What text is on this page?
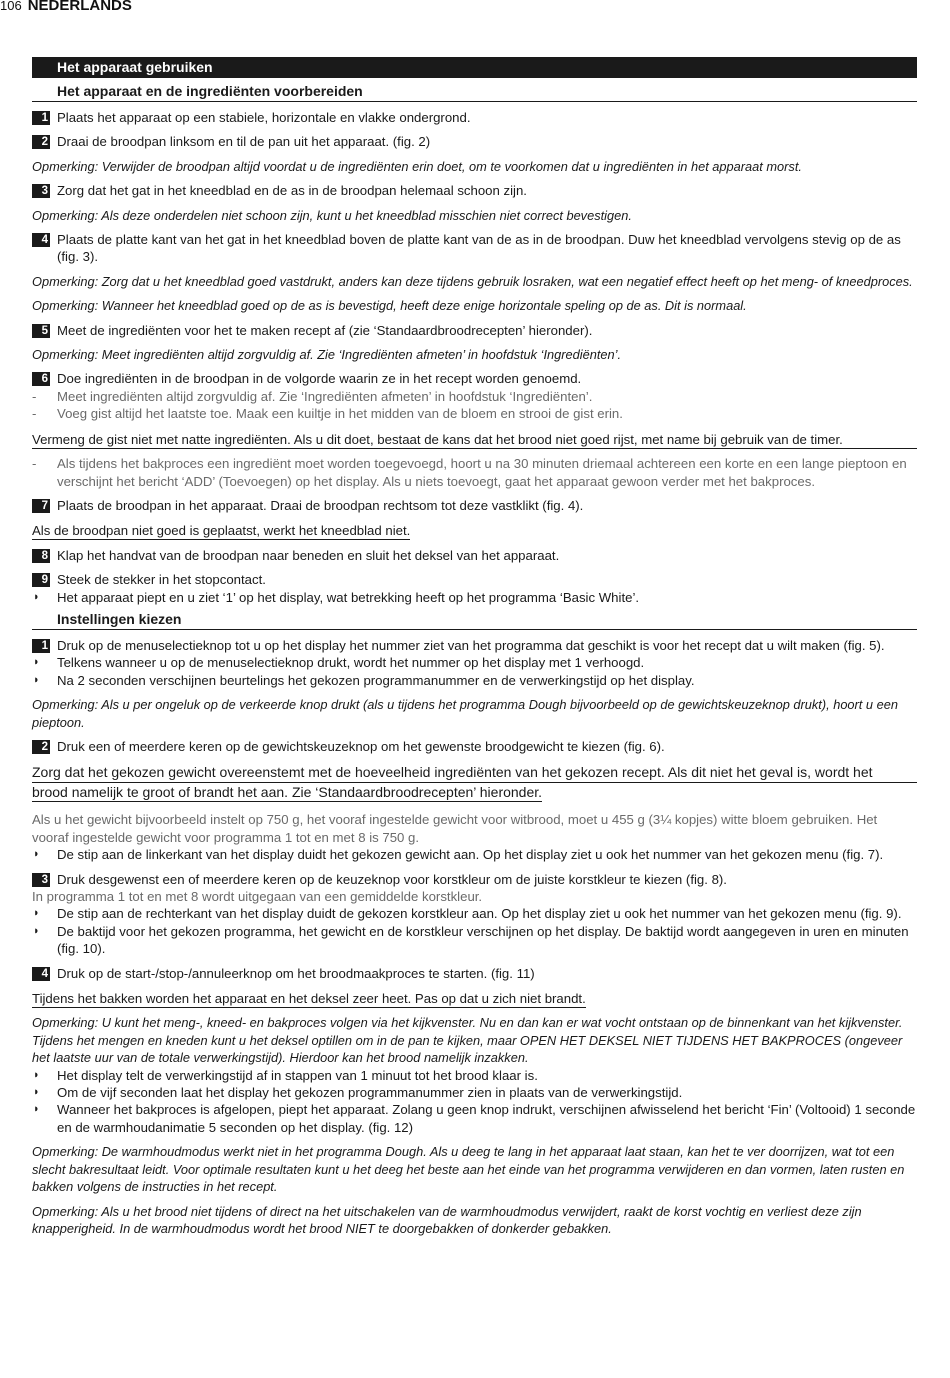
106 NEDERLANDS
Het apparaat gebruiken
Het apparaat en de ingrediënten voorbereiden
1 Plaats het apparaat op een stabiele, horizontale en vlakke ondergrond.
2 Draai de broodpan linksom en til de pan uit het apparaat. (fig. 2)
Opmerking: Verwijder de broodpan altijd voordat u de ingrediënten erin doet, om te voorkomen dat u ingrediënten in het apparaat morst.
3 Zorg dat het gat in het kneedblad en de as in de broodpan helemaal schoon zijn.
Opmerking: Als deze onderdelen niet schoon zijn, kunt u het kneedblad misschien niet correct bevestigen.
4 Plaats de platte kant van het gat in het kneedblad boven de platte kant van de as in de broodpan. Duw het kneedblad vervolgens stevig op de as (fig. 3).
Opmerking: Zorg dat u het kneedblad goed vastdrukt, anders kan deze tijdens gebruik losraken, wat een negatief effect heeft op het meng- of kneedproces.
Opmerking: Wanneer het kneedblad goed op de as is bevestigd, heeft deze enige horizontale speling op de as. Dit is normaal.
5 Meet de ingrediënten voor het te maken recept af (zie ‘Standaardbroodrecepten’ hieronder).
Opmerking: Meet ingrediënten altijd zorgvuldig af. Zie ‘Ingrediënten afmeten’ in hoofdstuk ‘Ingrediënten’.
6 Doe ingrediënten in de broodpan in de volgorde waarin ze in het recept worden genoemd.
- Meet ingrediënten altijd zorgvuldig af. Zie ‘Ingrediënten afmeten’ in hoofdstuk ‘Ingrediënten’.
- Voeg gist altijd het laatste toe. Maak een kuiltje in het midden van de bloem en strooi de gist erin.
Vermeng de gist niet met natte ingrediënten. Als u dit doet, bestaat de kans dat het brood niet goed rijst, met name bij gebruik van de timer.
- Als tijdens het bakproces een ingrediënt moet worden toegevoegd, hoort u na 30 minuten driemaal achtereen een korte en een lange pieptoon en verschijnt het bericht ‘ADD’ (Toevoegen) op het display. Als u niets toevoegt, gaat het apparaat gewoon verder met het bakproces.
7 Plaats de broodpan in het apparaat. Draai de broodpan rechtsom tot deze vastklikt (fig. 4).
Als de broodpan niet goed is geplaatst, werkt het kneedblad niet.
8 Klap het handvat van de broodpan naar beneden en sluit het deksel van het apparaat.
9 Steek de stekker in het stopcontact.
◗ Het apparaat piept en u ziet ‘1’ op het display, wat betrekking heeft op het programma ‘Basic White’.
Instellingen kiezen
1 Druk op de menuselectieknop tot u op het display het nummer ziet van het programma dat geschikt is voor het recept dat u wilt maken (fig. 5).
◗ Telkens wanneer u op de menuselectieknop drukt, wordt het nummer op het display met 1 verhoogd.
◗ Na 2 seconden verschijnen beurtelings het gekozen programmanummer en de verwerkingstijd op het display.
Opmerking: Als u per ongeluk op de verkeerde knop drukt (als u tijdens het programma Dough bijvoorbeeld op de gewichtskeuzeknop drukt), hoort u een pieptoon.
2 Druk een of meerdere keren op de gewichtskeuzeknop om het gewenste broodgewicht te kiezen (fig. 6).
Zorg dat het gekozen gewicht overeenstemt met de hoeveelheid ingrediënten van het gekozen recept. Als dit niet het geval is, wordt het
brood namelijk te groot of brandt het aan. Zie ‘Standaardbroodrecepten’ hieronder.
Als u het gewicht bijvoorbeeld instelt op 750 g, het vooraf ingestelde gewicht voor witbrood, moet u 455 g (3¼ kopjes) witte bloem gebruiken. Het vooraf ingestelde gewicht voor programma 1 tot en met 8 is 750 g.
◗ De stip aan de linkerkant van het display duidt het gekozen gewicht aan. Op het display ziet u ook het nummer van het gekozen menu (fig. 7).
3 Druk desgewenst een of meerdere keren op de keuzeknop voor korstkleur om de juiste korstkleur te kiezen (fig. 8).
In programma 1 tot en met 8 wordt uitgegaan van een gemiddelde korstkleur.
◗ De stip aan de rechterkant van het display duidt de gekozen korstkleur aan. Op het display ziet u ook het nummer van het gekozen menu (fig. 9).
◗ De baktijd voor het gekozen programma, het gewicht en de korstkleur verschijnen op het display. De baktijd wordt aangegeven in uren en minuten (fig. 10).
4 Druk op de start-/stop-/annuleerknop om het broodmaakproces te starten. (fig. 11)
Tijdens het bakken worden het apparaat en het deksel zeer heet. Pas op dat u zich niet brandt.
Opmerking: U kunt het meng-, kneed- en bakproces volgen via het kijkvenster. Nu en dan kan er wat vocht ontstaan op de binnenkant van het kijkvenster. Tijdens het mengen en kneden kunt u het deksel optillen om in de pan te kijken, maar OPEN HET DEKSEL NIET TIJDENS HET BAKPROCES (ongeveer het laatste uur van de totale verwerkingstijd). Hierdoor kan het brood namelijk inzakken.
◗ Het display telt de verwerkingstijd af in stappen van 1 minuut tot het brood klaar is.
◗ Om de vijf seconden laat het display het gekozen programmanummer zien in plaats van de verwerkingstijd.
◗ Wanneer het bakproces is afgelopen, piept het apparaat. Zolang u geen knop indrukt, verschijnen afwisselend het bericht ‘Fin’ (Voltooid) 1 seconde en de warmhoudanimatie 5 seconden op het display. (fig. 12)
Opmerking: De warmhoudmodus werkt niet in het programma Dough. Als u deeg te lang in het apparaat laat staan, kan het te ver doorrijzen, wat tot een slecht bakresultaat leidt. Voor optimale resultaten kunt u het deeg het beste aan het einde van het programma verwijderen en dan vormen, laten rusten en bakken volgens de instructies in het recept.
Opmerking: Als u het brood niet tijdens of direct na het uitschakelen van de warmhoudmodus verwijdert, raakt de korst vochtig en verliest deze zijn knapperigheid. In de warmhoudmodus wordt het brood NIET te doorgebakken of donkerder gebakken.
